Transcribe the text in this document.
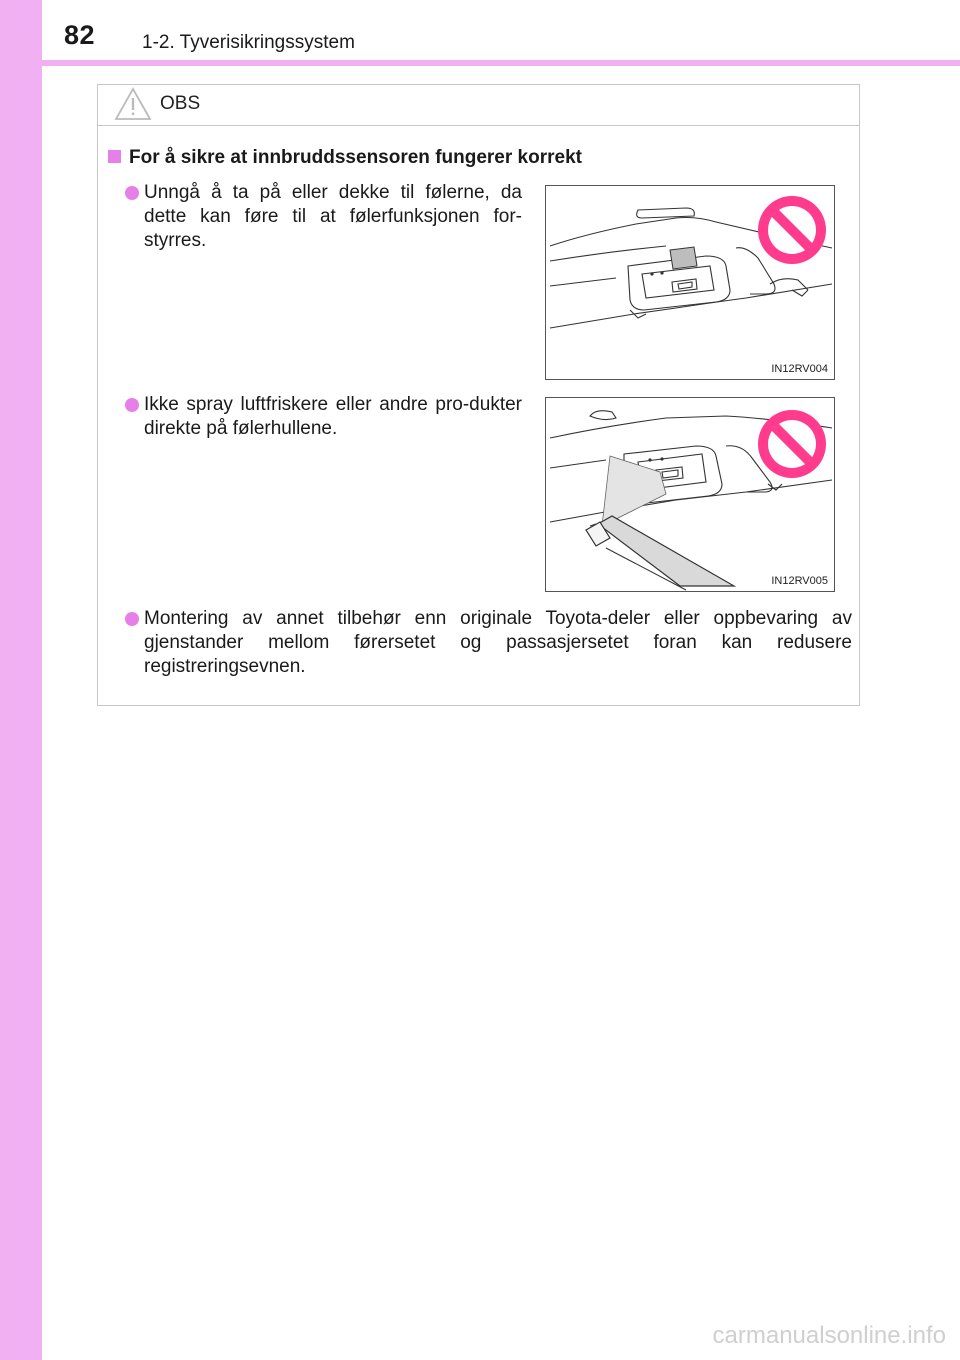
82 1-2. Tyverisikringssystem
OBS
For å sikre at innbruddssensoren fungerer korrekt
Unngå å ta på eller dekke til følerne, da dette kan føre til at følerfunksjonen for-styrres.
IN12RV004
Ikke spray luftfriskere eller andre pro-dukter direkte på følerhullene.
IN12RV005
Montering av annet tilbehør enn originale Toyota-deler eller oppbevaring av gjenstander mellom førersetet og passasjersetet foran kan redusere registreringsevnen.
carmanualsonline.info
